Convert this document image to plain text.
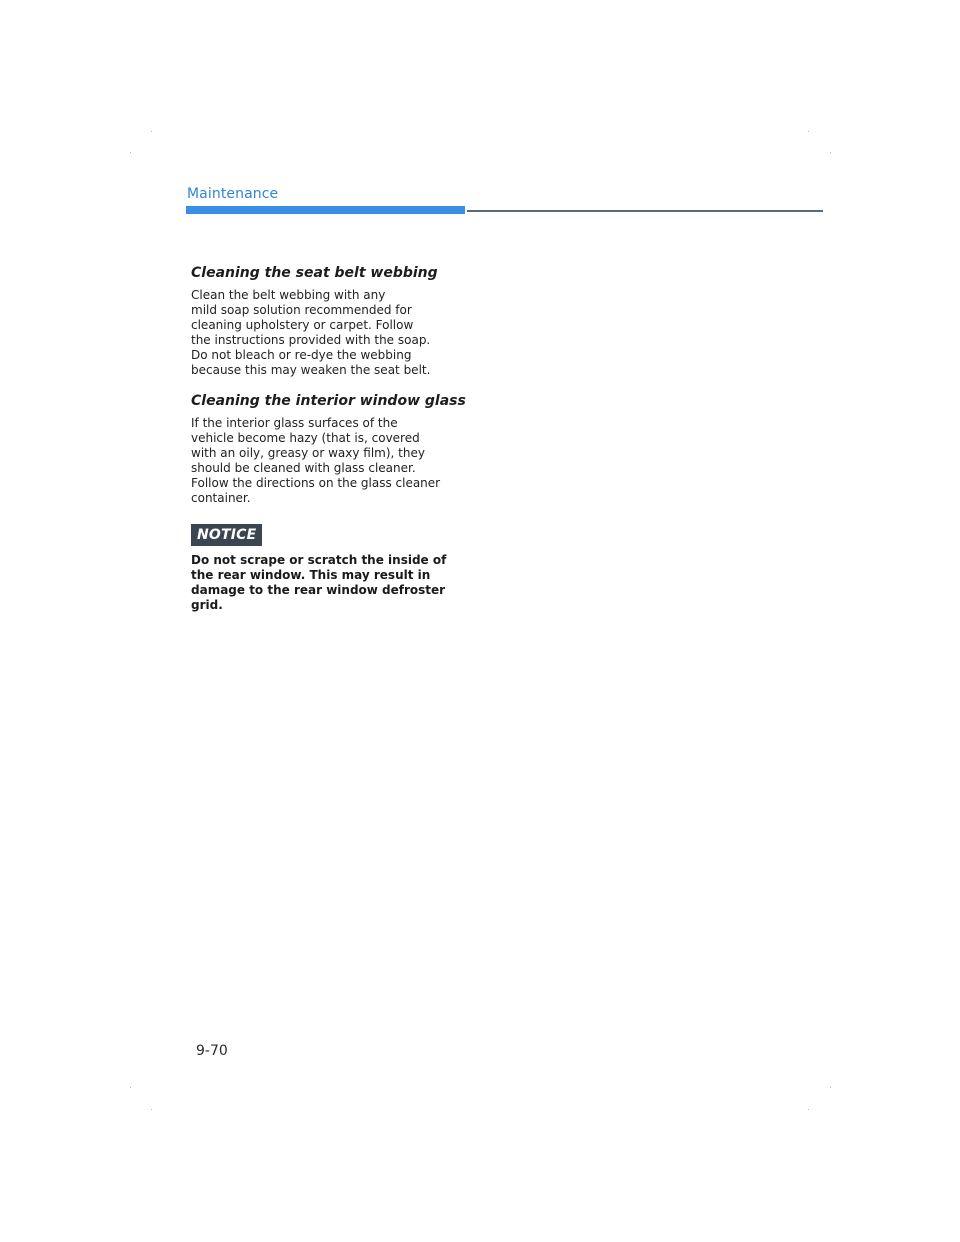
Maintenance
Cleaning the seat belt webbing

Clean the belt webbing with any
mild soap solution recommended for
cleaning upholstery or carpet. Follow
the instructions provided with the soap.
Do not bleach or re-dye the webbing
because this may weaken the seat belt.

Cleaning the interior window glass

If the interior glass surfaces of the
vehicle become hazy (that is, covered
with an oily, greasy or waxy film), they
should be cleaned with glass cleaner.
Follow the directions on the glass cleaner
container.

NOTICE
Do not scrape or scratch the inside of
the rear window. This may result in
damage to the rear window defroster
grid.
9-70
